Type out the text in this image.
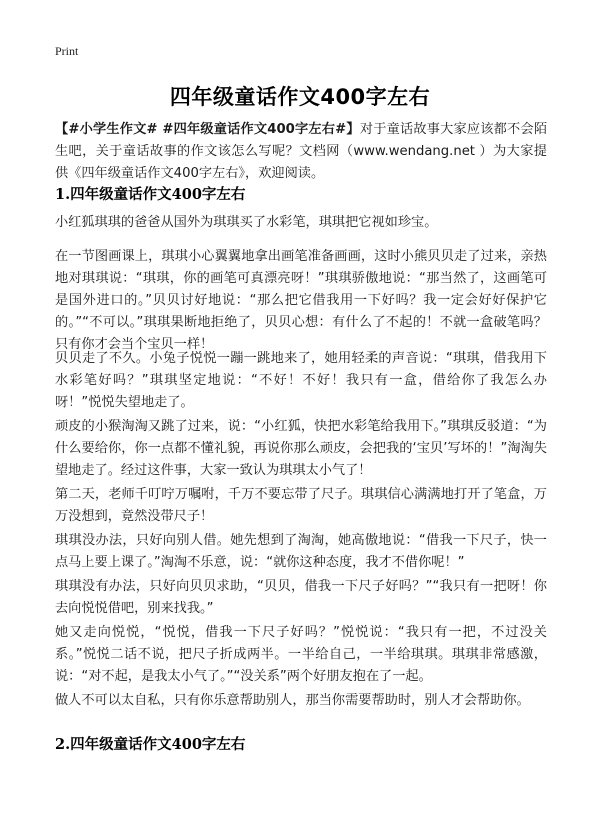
Print
四年级童话作文400字左右
【#小学生作文# #四年级童话作文400字左右#】对于童话故事大家应该都不会陌生吧，关于童话故事的作文该怎么写呢？文档网（www.wendang.net ）为大家提供《四年级童话作文400字左右》，欢迎阅读。
1.四年级童话作文400字左右
小红狐琪琪的爸爸从国外为琪琪买了水彩笔，琪琪把它视如珍宝。
在一节图画课上，琪琪小心翼翼地拿出画笔准备画画，这时小熊贝贝走了过来，亲热地对琪琪说：“琪琪，你的画笔可真漂亮呀！”琪琪骄傲地说：“那当然了，这画笔可是国外进口的。”贝贝讨好地说：“那么把它借我用一下好吗？我一定会好好保护它的。”“不可以。”琪琪果断地拒绝了，贝贝心想：有什么了不起的！不就一盒破笔吗？只有你才会当个宝贝一样！
贝贝走了不久。小兔子悦悦一蹦一跳地来了，她用轻柔的声音说：“琪琪，借我用下水彩笔好吗？”琪琪坚定地说：“不好！不好！我只有一盒，借给你了我怎么办呀！”悦悦失望地走了。
顽皮的小猴淘淘又跳了过来，说：“小红狐，快把水彩笔给我用下。”琪琪反驳道：“为什么要给你，你一点都不懂礼貌，再说你那么顽皮，会把我的‘宝贝’写坏的！”淘淘失望地走了。经过这件事，大家一致认为琪琪太小气了！
第二天，老师千叮咛万嘱咐，千万不要忘带了尺子。琪琪信心满满地打开了笔盒，万万没想到，竟然没带尺子！
琪琪没办法，只好向别人借。她先想到了淘淘，她高傲地说：“借我一下尺子，快一点马上要上课了。”淘淘不乐意，说：“就你这种态度，我才不借你呢！”
琪琪没有办法，只好向贝贝求助，“贝贝，借我一下尺子好吗？”“我只有一把呀！你去向悦悦借吧，别来找我。”
她又走向悦悦，“悦悦，借我一下尺子好吗？”悦悦说：“我只有一把，不过没关系。”悦悦二话不说，把尺子折成两半。一半给自己，一半给琪琪。琪琪非常感激，说：“对不起，是我太小气了。”“没关系”两个好朋友抱在了一起。
做人不可以太自私，只有你乐意帮助别人，那当你需要帮助时，别人才会帮助你。
2.四年级童话作文400字左右
